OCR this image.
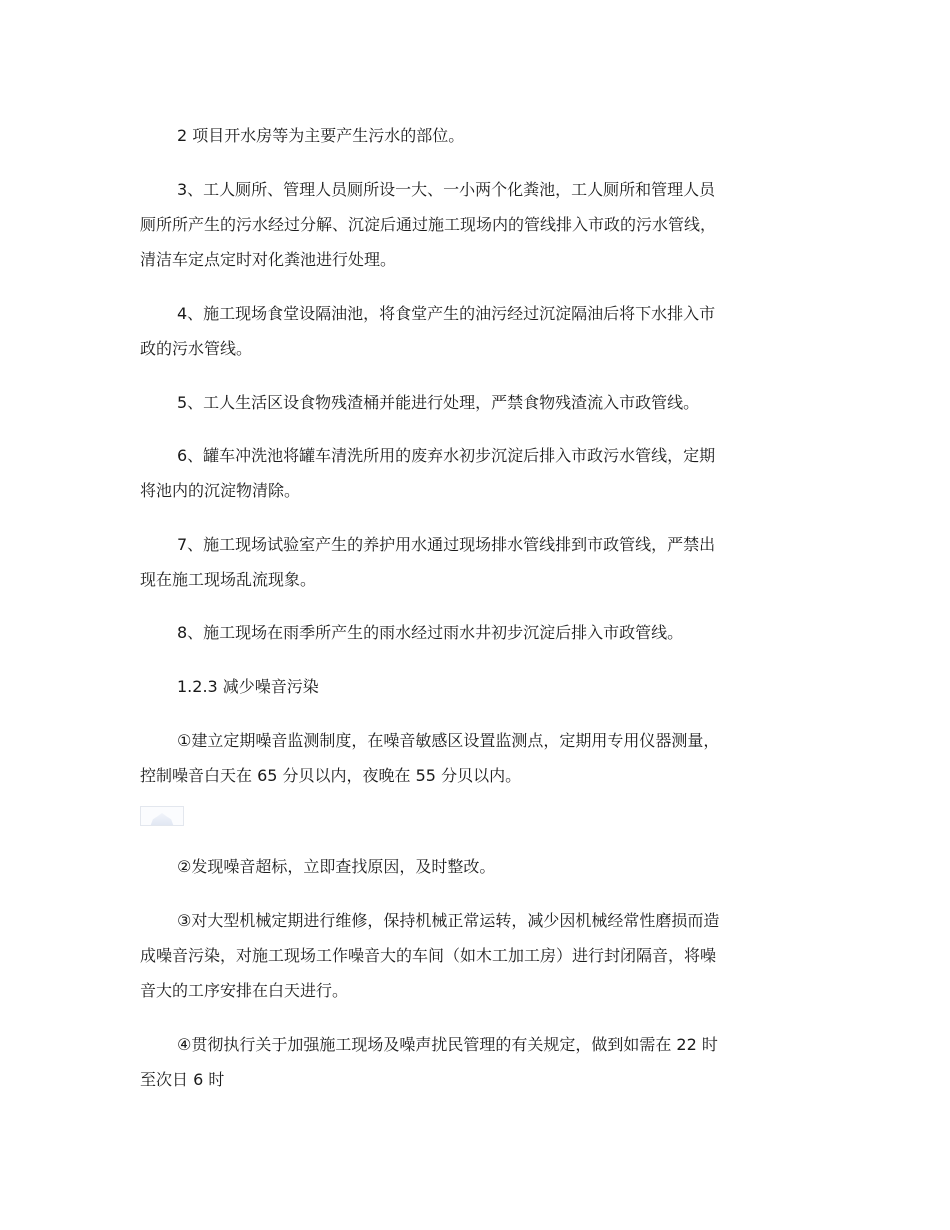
2 项目开水房等为主要产生污水的部位。
3、工人厕所、管理人员厕所设一大、一小两个化粪池，工人厕所和管理人员
厕所所产生的污水经过分解、沉淀后通过施工现场内的管线排入市政的污水管线，
清洁车定点定时对化粪池进行处理。
4、施工现场食堂设隔油池，将食堂产生的油污经过沉淀隔油后将下水排入市
政的污水管线。
5、工人生活区设食物残渣桶并能进行处理，严禁食物残渣流入市政管线。
6、罐车冲洗池将罐车清洗所用的废弃水初步沉淀后排入市政污水管线，定期
将池内的沉淀物清除。
7、施工现场试验室产生的养护用水通过现场排水管线排到市政管线，严禁出
现在施工现场乱流现象。
8、施工现场在雨季所产生的雨水经过雨水井初步沉淀后排入市政管线。
1.2.3 减少噪音污染
①建立定期噪音监测制度，在噪音敏感区设置监测点，定期用专用仪器测量，
控制噪音白天在 65 分贝以内，夜晚在 55 分贝以内。
②发现噪音超标，立即查找原因，及时整改。
③对大型机械定期进行维修，保持机械正常运转，减少因机械经常性磨损而造
成噪音污染，对施工现场工作噪音大的车间（如木工加工房）进行封闭隔音，将噪
音大的工序安排在白天进行。
④贯彻执行关于加强施工现场及噪声扰民管理的有关规定，做到如需在 22 时
至次日 6 时
